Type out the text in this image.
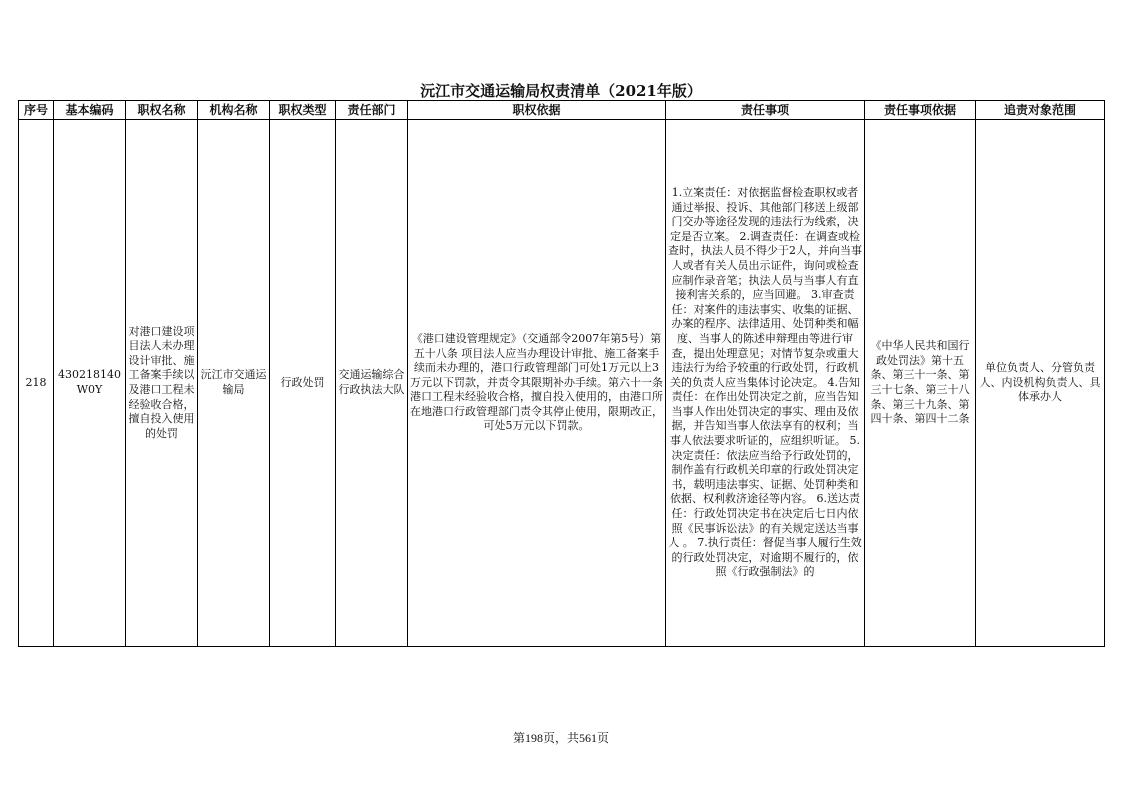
沅江市交通运输局权责清单（2021年版）
序号	基本编码	职权名称	机构名称	职权类型	责任部门	职权依据	责任事项	责任事项依据	追责对象范围
218	430218140W0Y	对港口建设项目法人未办理设计审批、施工备案手续以及港口工程未经验收合格，擅自投入使用的处罚	沅江市交通运输局	行政处罚	交通运输综合行政执法大队	《港口建设管理规定》（交通部令2007年第5号）第五十八条 项目法人应当办理设计审批、施工备案手续而未办理的，港口行政管理部门可处1万元以上3万元以下罚款，并责令其限期补办手续。第六十一条 港口工程未经验收合格，擅自投入使用的，由港口所在地港口行政管理部门责令其停止使用，限期改正，可处5万元以下罚款。	1.立案责任：对依据监督检查职权或者通过举报、投诉、其他部门移送上级部门交办等途径发现的违法行为线索，决定是否立案。 2.调查责任：在调查或检查时，执法人员不得少于2人，并向当事人或者有关人员出示证件，询问或检查应制作录音笔；执法人员与当事人有直接利害关系的，应当回避。 3.审查责任：对案件的违法事实、收集的证据、办案的程序、法律适用、处罚种类和幅度、当事人的陈述申辩理由等进行审查，提出处理意见；对情节复杂或重大违法行为给予较重的行政处罚，行政机关的负责人应当集体讨论决定。 4.告知责任：在作出处罚决定之前，应当告知当事人作出处罚决定的事实、理由及依据，并告知当事人依法享有的权利；当事人依法要求听证的，应组织听证。 5.决定责任：依法应当给予行政处罚的，制作盖有行政机关印章的行政处罚决定书，载明违法事实、证据、处罚种类和依据、权利救济途径等内容。 6.送达责任：行政处罚决定书在决定后七日内依照《民事诉讼法》的有关规定送达当事人 。 7.执行责任：督促当事人履行生效的行政处罚决定，对逾期不履行的，依照《行政强制法》的	《中华人民共和国行政处罚法》第十五条、第三十一条、第三十七条、第三十八条、第三十九条、第四十条、第四十二条	单位负责人、分管负责人、内设机构负责人、具体承办人
第198页，共561页
